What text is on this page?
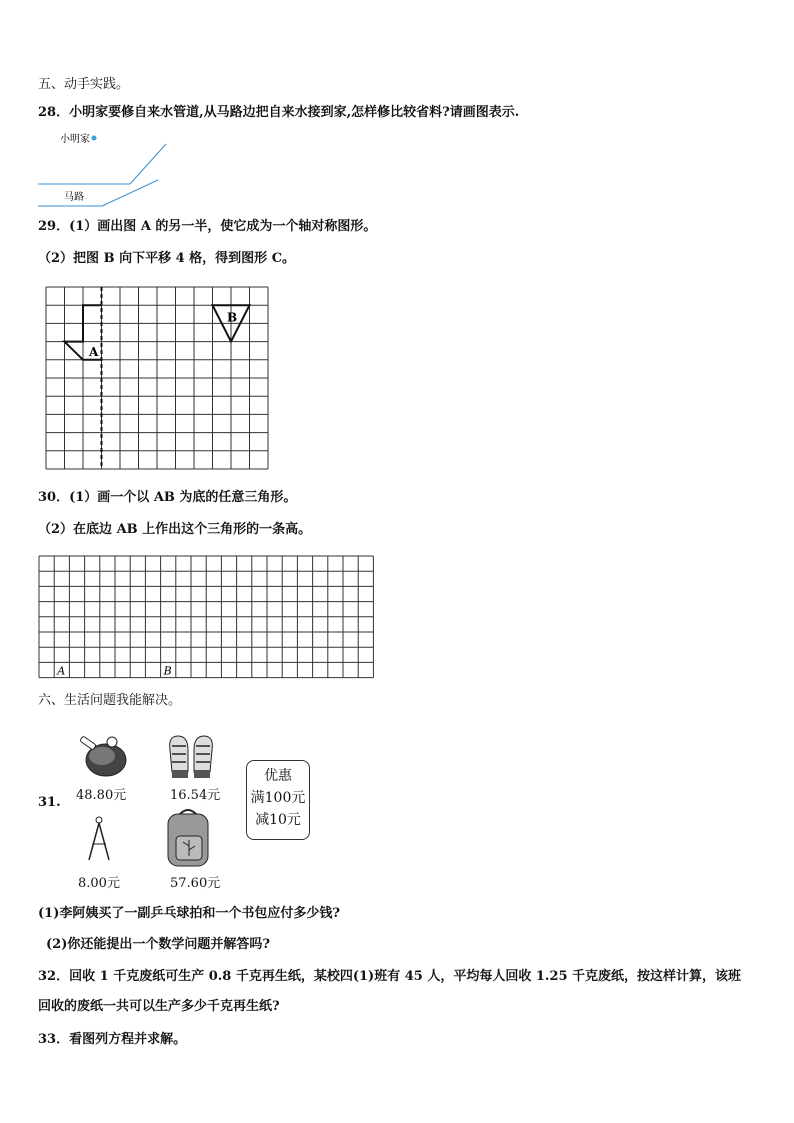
五、动手实践。
28．小明家要修自来水管道,从马路边把自来水接到家,怎样修比较省料?请画图表示.
小明家
马路
29．(1）画出图 A 的另一半，使它成为一个轴对称图形。
（2）把图 B 向下平移 4 格，得到图形 C。
A
B
30．(1）画一个以 AB 为底的任意三角形。
（2）在底边 AB 上作出这个三角形的一条高。
A	B
六、生活问题我能解决。
31. 48.80元	16.54元
优惠
满100元
减10元
8.00元	57.60元
(1)李阿姨买了一副乒乓球拍和一个书包应付多少钱?
(2)你还能提出一个数学问题并解答吗?
32．回收 1 千克废纸可生产 0.8 千克再生纸，某校四(1)班有 45 人，平均每人回收 1.25 千克废纸，按这样计算，该班
回收的废纸一共可以生产多少千克再生纸?
33．看图列方程并求解。
